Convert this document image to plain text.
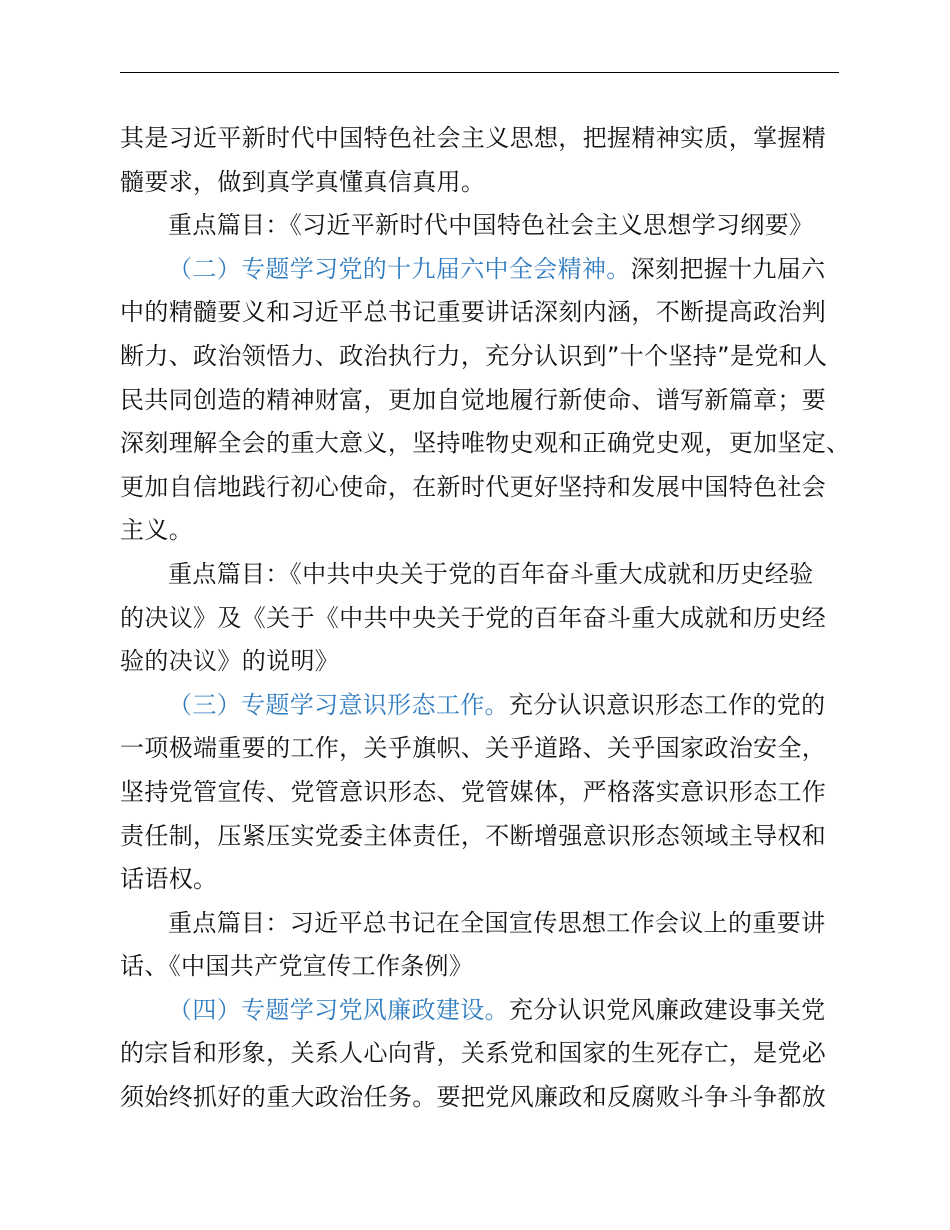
其是习近平新时代中国特色社会主义思想，把握精神实质，掌握精
髓要求，做到真学真懂真信真用。
重点篇目：《习近平新时代中国特色社会主义思想学习纲要》
（二）专题学习党的十九届六中全会精神。深刻把握十九届六
中的精髓要义和习近平总书记重要讲话深刻内涵，不断提高政治判
断力、政治领悟力、政治执行力，充分认识到”十个坚持”是党和人
民共同创造的精神财富，更加自觉地履行新使命、谱写新篇章；要
深刻理解全会的重大意义，坚持唯物史观和正确党史观，更加坚定、
更加自信地践行初心使命，在新时代更好坚持和发展中国特色社会
主义。
重点篇目：《中共中央关于党的百年奋斗重大成就和历史经验
的决议》及《关于《中共中央关于党的百年奋斗重大成就和历史经
验的决议》的说明》
（三）专题学习意识形态工作。充分认识意识形态工作的党的
一项极端重要的工作，关乎旗帜、关乎道路、关乎国家政治安全，
坚持党管宣传、党管意识形态、党管媒体，严格落实意识形态工作
责任制，压紧压实党委主体责任，不断增强意识形态领域主导权和
话语权。
重点篇目：习近平总书记在全国宣传思想工作会议上的重要讲
话、《中国共产党宣传工作条例》
（四）专题学习党风廉政建设。充分认识党风廉政建设事关党
的宗旨和形象，关系人心向背，关系党和国家的生死存亡，是党必
须始终抓好的重大政治任务。要把党风廉政和反腐败斗争斗争都放
